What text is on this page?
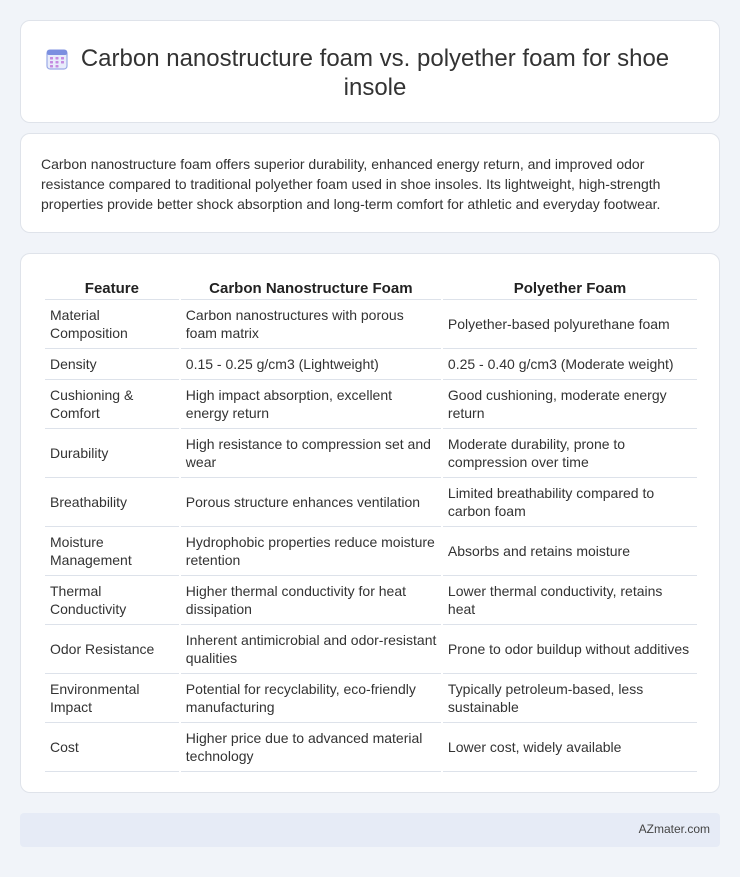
Carbon nanostructure foam vs. polyether foam for shoe insole

Carbon nanostructure foam offers superior durability, enhanced energy return, and improved odor resistance compared to traditional polyether foam used in shoe insoles. Its lightweight, high-strength properties provide better shock absorption and long-term comfort for athletic and everyday footwear.

Feature	Carbon Nanostructure Foam	Polyether Foam
Material Composition	Carbon nanostructures with porous foam matrix	Polyether-based polyurethane foam
Density	0.15 - 0.25 g/cm3 (Lightweight)	0.25 - 0.40 g/cm3 (Moderate weight)
Cushioning & Comfort	High impact absorption, excellent energy return	Good cushioning, moderate energy return
Durability	High resistance to compression set and wear	Moderate durability, prone to compression over time
Breathability	Porous structure enhances ventilation	Limited breathability compared to carbon foam
Moisture Management	Hydrophobic properties reduce moisture retention	Absorbs and retains moisture
Thermal Conductivity	Higher thermal conductivity for heat dissipation	Lower thermal conductivity, retains heat
Odor Resistance	Inherent antimicrobial and odor-resistant qualities	Prone to odor buildup without additives
Environmental Impact	Potential for recyclability, eco-friendly manufacturing	Typically petroleum-based, less sustainable
Cost	Higher price due to advanced material technology	Lower cost, widely available
AZmater.com
